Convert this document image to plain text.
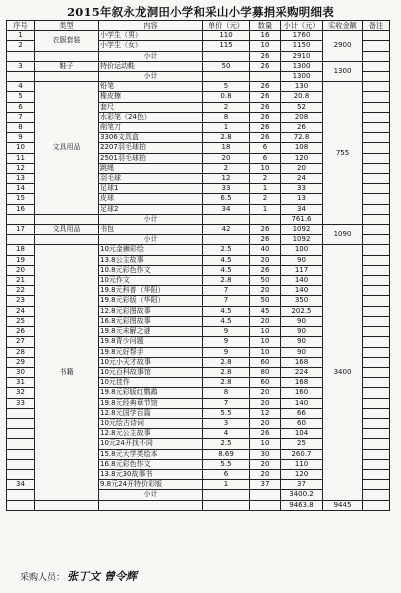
2015年叙永龙洞田小学和采山小学募捐采购明细表
序号	类型	内容	单价（元）	数量	小计（元）	实收金额	备注
1	衣服套装	小学生（男）	110	16	1760	2900	
2		小学生（女）	115	10	1150		
		小计		26	2910		
3	鞋子	特价运动鞋	50	26	1300	1300	
		小计			1300		
4	文具用品	铅笔	5	26	130	755	
5		橡皮擦	0.8	26	20.8		
6		套尺	2	26	52		
7		水彩笔（24色）	8	26	208		
8		削笔刀	1	26	26		
9		3306文具盒	2.8	26	72.8		
10		2207羽毛球拍	18	6	108		
11		2501羽毛球拍	20	6	120		
12		跳绳	2	10	20		
13		羽毛球	12	2	24		
14		足球1	33	1	33		
15		皮球	6.5	2	13		
16		足球2	34	1	34		
		小计			761.6		
17	文具用品	书包	42	26	1092	1090	
		小计		26	1092		
18	书籍	10元金狮彩绘	2.5	40	100	3400	
19		13.8公主故事	4.5	20	90		
20		10.8元彩色作文	4.5	26	117		
21		10元作文	2.8	50	140		
22		19.8元科普（华阳）	7	20	140		
23		19.8元彩版（华阳）	7	50	350		
24		12.8元彩图故事	4.5	45	202.5		
25		16.8元彩图故事	4.5	20	90		
26		19.8元未解之谜	9	10	90		
27		19.8青少问题	9	10	90		
28		19.8元好帮手	9	10	90		
29		10元小天才故事	2.8	60	168		
30		10元百科故事馆	2.8	80	224		
31		10元佳作	2.8	60	168		
32		19.8元彩版红鹦鹉	8	20	160		
33		19.8元经典章节馆	7	20	140		
		12.8元国学百篇	5.5	12	66		
		10元绘古诗词	3	20	60		
		12.8元公主故事	4	26	104		
		10元24开找不同	2.5	10	25		
		15.8元大学类绘本	8.69	30	260.7		
		16.8元彩色作文	5.5	20	110		
		13.8元30故事书	6	20	120		
34		9.8元24开特价彩版	1	37	37		
		小计			3400.2		
					9463.8	9445	
采购人员： 张丁文 曾令辉
